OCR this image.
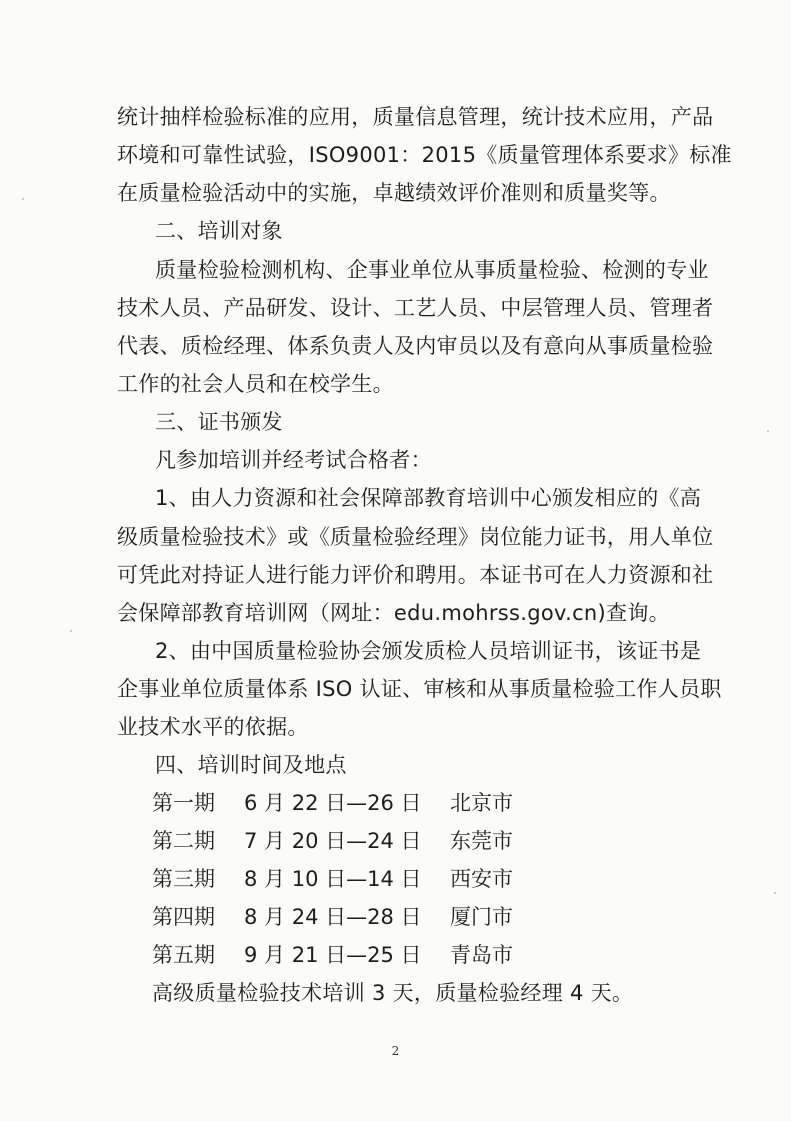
统计抽样检验标准的应用，质量信息管理，统计技术应用，产品
环境和可靠性试验，ISO9001：2015《质量管理体系要求》标准
在质量检验活动中的实施，卓越绩效评价准则和质量奖等。
二、培训对象
质量检验检测机构、企事业单位从事质量检验、检测的专业
技术人员、产品研发、设计、工艺人员、中层管理人员、管理者
代表、质检经理、体系负责人及内审员以及有意向从事质量检验
工作的社会人员和在校学生。
三、证书颁发
凡参加培训并经考试合格者：
1、由人力资源和社会保障部教育培训中心颁发相应的《高
级质量检验技术》或《质量检验经理》岗位能力证书，用人单位
可凭此对持证人进行能力评价和聘用。本证书可在人力资源和社
会保障部教育培训网（网址：edu.mohrss.gov.cn)查询。
2、由中国质量检验协会颁发质检人员培训证书，该证书是
企事业单位质量体系 ISO 认证、审核和从事质量检验工作人员职
业技术水平的依据。
四、培训时间及地点
第一期 6 月 22 日—26 日 北京市
第二期 7 月 20 日—24 日 东莞市
第三期 8 月 10 日—14 日 西安市
第四期 8 月 24 日—28 日 厦门市
第五期 9 月 21 日—25 日 青岛市
高级质量检验技术培训 3 天，质量检验经理 4 天。
2
